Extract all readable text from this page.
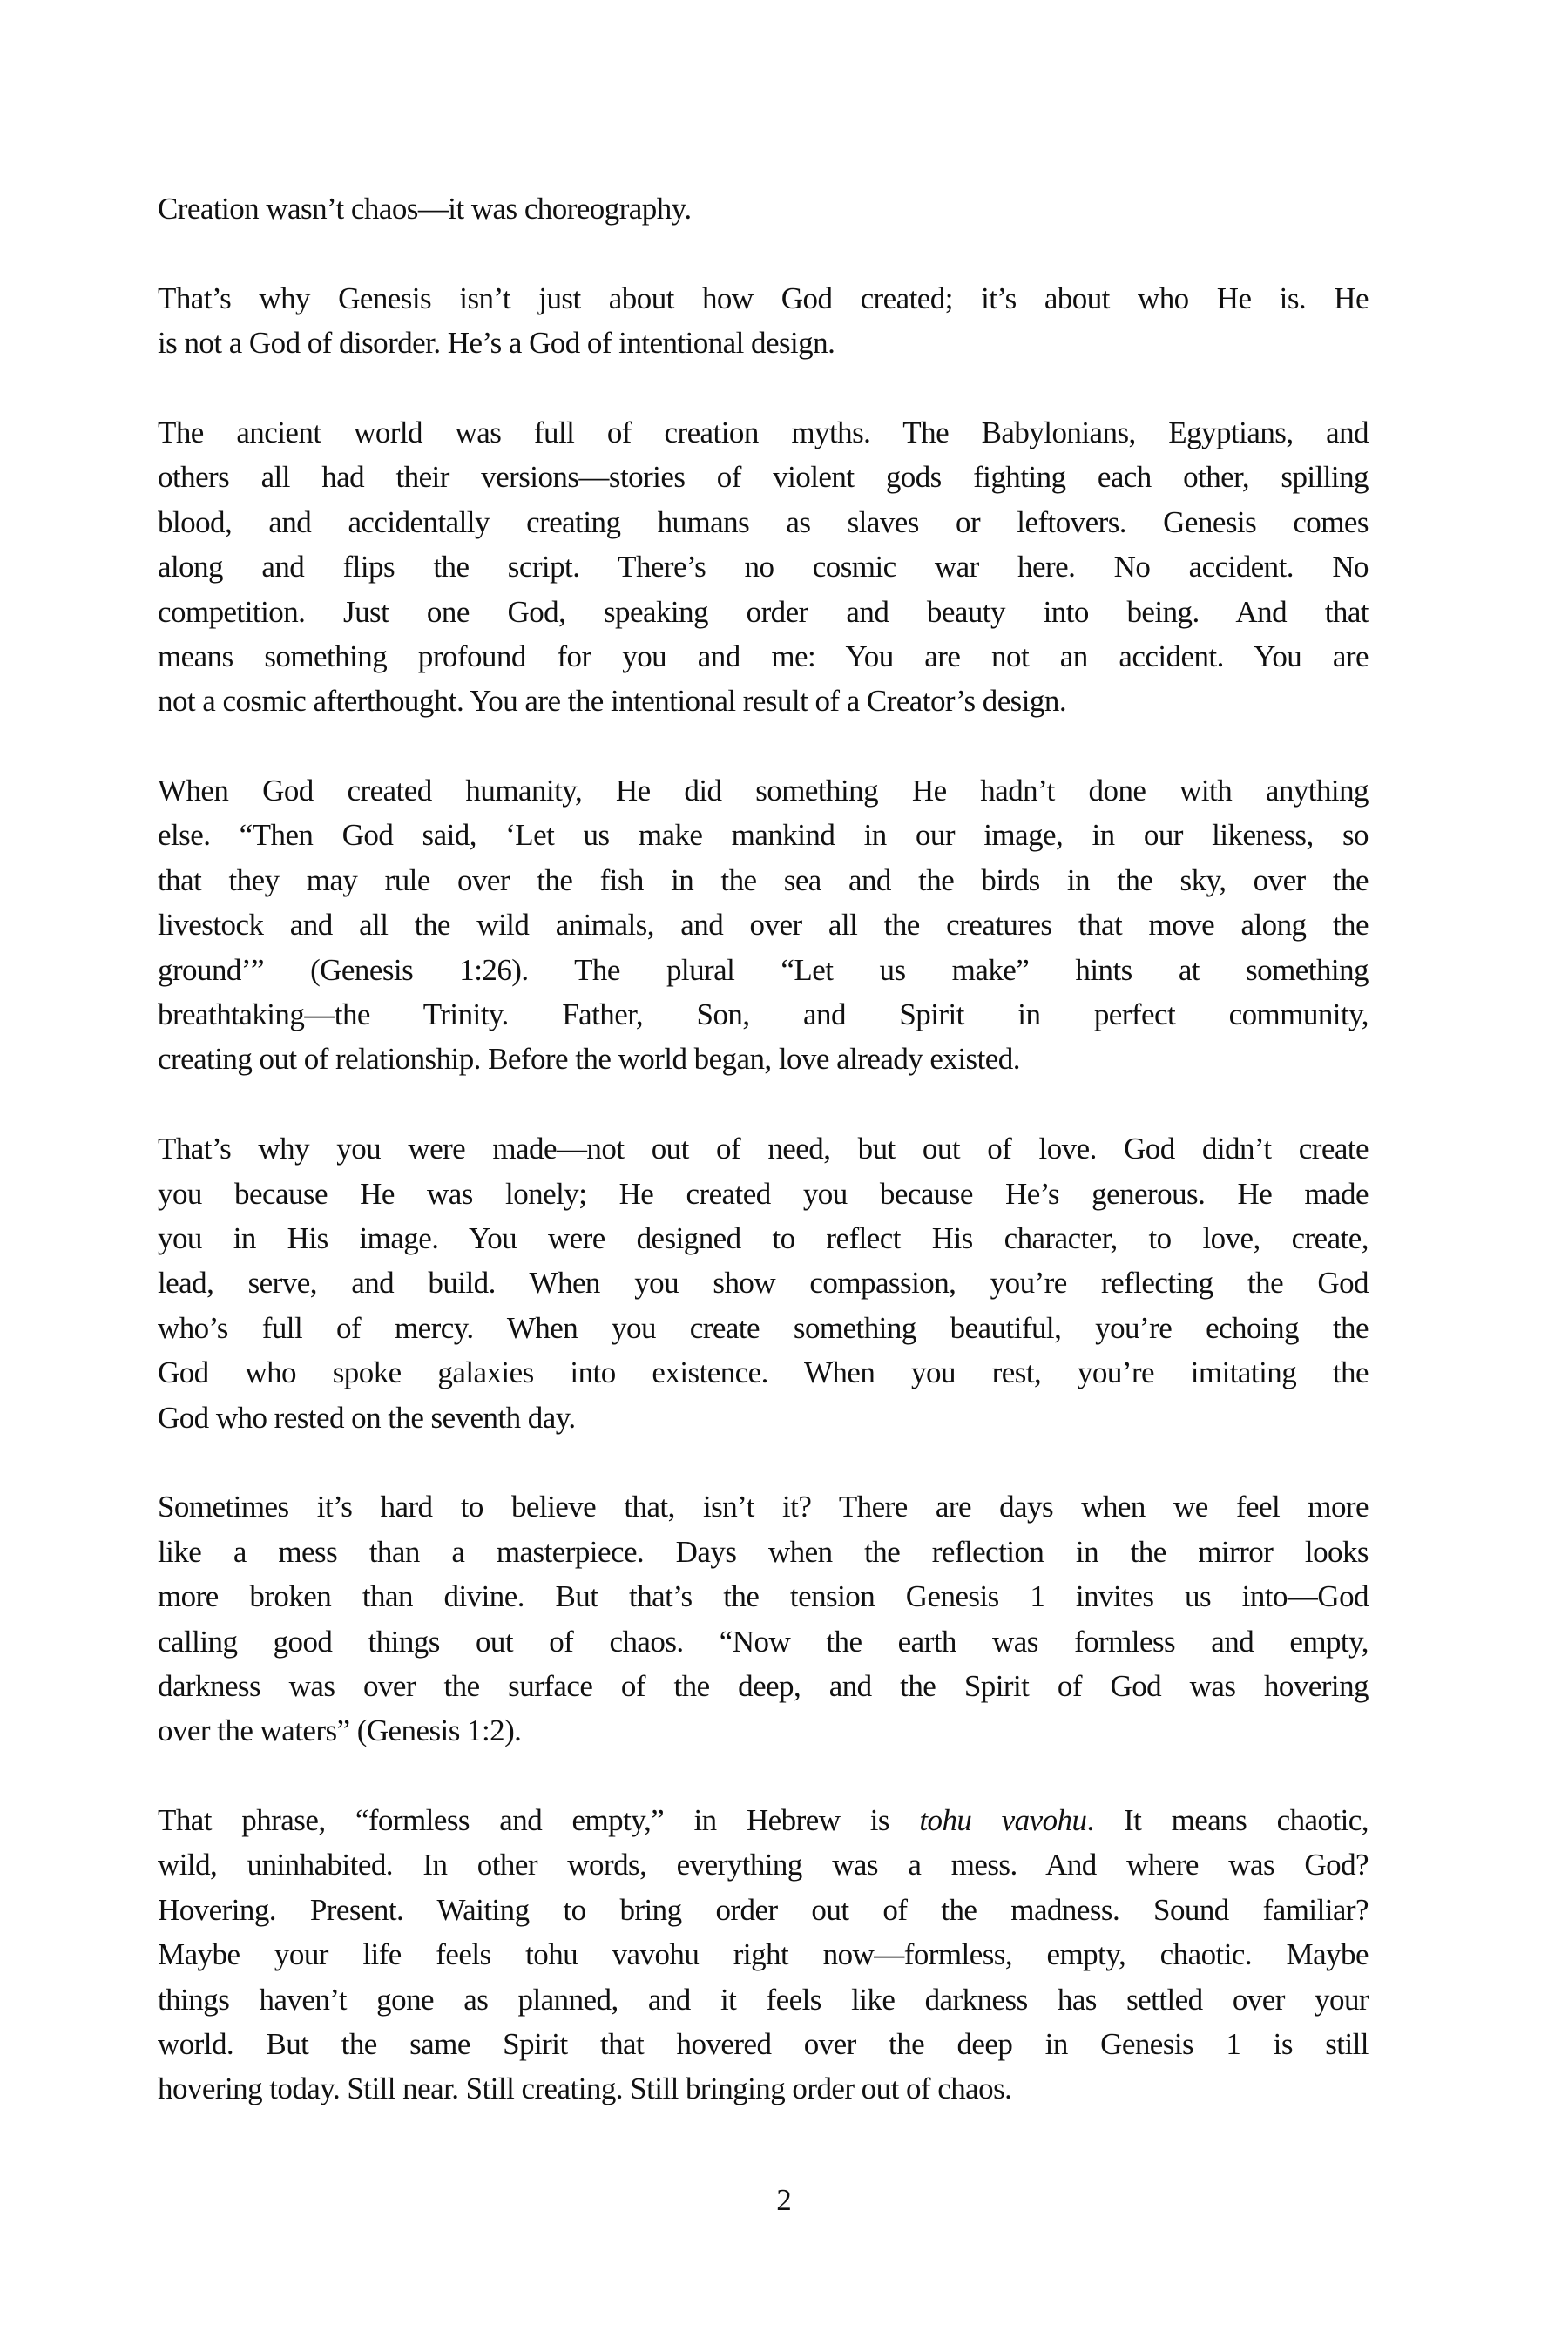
Creation wasn’t chaos—it was choreography.

That’s why Genesis isn’t just about how God created; it’s about who He is. He
is not a God of disorder. He’s a God of intentional design.

The ancient world was full of creation myths. The Babylonians, Egyptians, and
others all had their versions—stories of violent gods fighting each other, spilling
blood, and accidentally creating humans as slaves or leftovers. Genesis comes
along and flips the script. There’s no cosmic war here. No accident. No
competition. Just one God, speaking order and beauty into being. And that
means something profound for you and me: You are not an accident. You are
not a cosmic afterthought. You are the intentional result of a Creator’s design.

When God created humanity, He did something He hadn’t done with anything
else. “Then God said, ‘Let us make mankind in our image, in our likeness, so
that they may rule over the fish in the sea and the birds in the sky, over the
livestock and all the wild animals, and over all the creatures that move along the
ground’” (Genesis 1:26). The plural “Let us make” hints at something
breathtaking—the Trinity. Father, Son, and Spirit in perfect community,
creating out of relationship. Before the world began, love already existed.

That’s why you were made—not out of need, but out of love. God didn’t create
you because He was lonely; He created you because He’s generous. He made
you in His image. You were designed to reflect His character, to love, create,
lead, serve, and build. When you show compassion, you’re reflecting the God
who’s full of mercy. When you create something beautiful, you’re echoing the
God who spoke galaxies into existence. When you rest, you’re imitating the
God who rested on the seventh day.

Sometimes it’s hard to believe that, isn’t it? There are days when we feel more
like a mess than a masterpiece. Days when the reflection in the mirror looks
more broken than divine. But that’s the tension Genesis 1 invites us into—God
calling good things out of chaos. “Now the earth was formless and empty,
darkness was over the surface of the deep, and the Spirit of God was hovering
over the waters” (Genesis 1:2).

That phrase, “formless and empty,” in Hebrew is tohu vavohu. It means chaotic,
wild, uninhabited. In other words, everything was a mess. And where was God?
Hovering. Present. Waiting to bring order out of the madness. Sound familiar?
Maybe your life feels tohu vavohu right now—formless, empty, chaotic. Maybe
things haven’t gone as planned, and it feels like darkness has settled over your
world. But the same Spirit that hovered over the deep in Genesis 1 is still
hovering today. Still near. Still creating. Still bringing order out of chaos.

2
